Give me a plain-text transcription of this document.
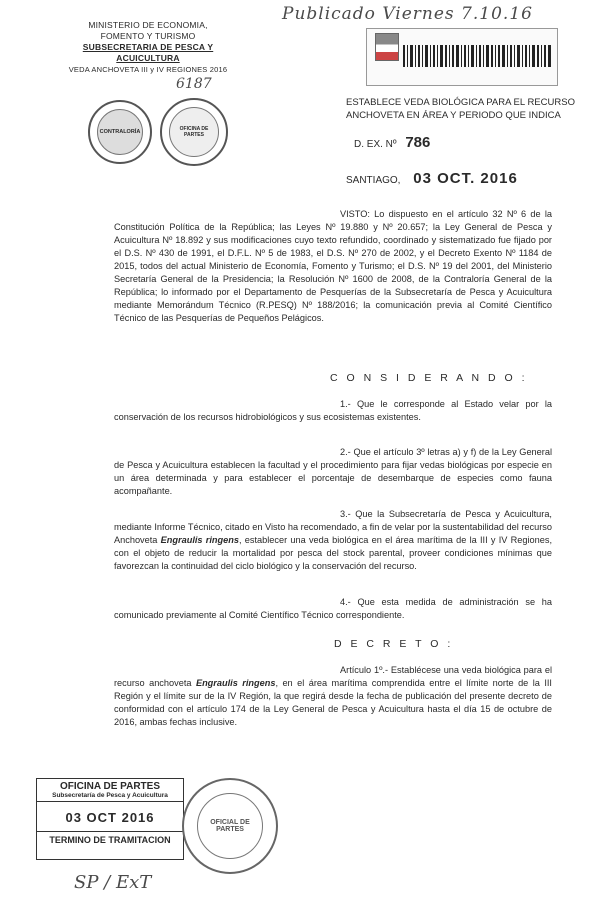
Publicado Viernes 7.10.16
MINISTERIO DE ECONOMIA,
FOMENTO Y TURISMO
SUBSECRETARIA DE PESCA Y ACUICULTURA
VEDA ANCHOVETA III y IV REGIONES 2016
CONTRALORÍA	OFICINA DE PARTES
6187
ESTABLECE VEDA BIOLÓGICA PARA EL RECURSO
ANCHOVETA EN ÁREA Y PERIODO QUE INDICA
D. EX. Nº 786
SANTIAGO, 03 OCT. 2016
VISTO: Lo dispuesto en el artículo 32 Nº 6 de la Constitución Política de la República; las Leyes Nº 19.880 y Nº 20.657; la Ley General de Pesca y Acuicultura Nº 18.892 y sus modificaciones cuyo texto refundido, coordinado y sistematizado fue fijado por el D.S. Nº 430 de 1991, el D.F.L. Nº 5 de 1983, el D.S. Nº 270 de 2002, y el Decreto Exento Nº 1184 de 2015, todos del actual Ministerio de Economía, Fomento y Turismo; el D.S. Nº 19 del 2001, del Ministerio Secretaría General de la Presidencia; la Resolución Nº 1600 de 2008, de la Contraloría General de la República; lo informado por el Departamento de Pesquerías de la Subsecretaría de Pesca y Acuicultura mediante Memorándum Técnico (R.PESQ) Nº 188/2016; la comunicación previa al Comité Científico Técnico de las Pesquerías de Pequeños Pelágicos.
C O N S I D E R A N D O :
1.- Que le corresponde al Estado velar por la conservación de los recursos hidrobiológicos y sus ecosistemas existentes.
2.- Que el artículo 3º letras a) y f) de la Ley General de Pesca y Acuicultura establecen la facultad y el procedimiento para fijar vedas biológicas por especie en un área determinada y para establecer el porcentaje de desembarque de especies como fauna acompañante.
3.- Que la Subsecretaría de Pesca y Acuicultura, mediante Informe Técnico, citado en Visto ha recomendado, a fin de velar por la sustentabilidad del recurso Anchoveta Engraulis ringens, establecer una veda biológica en el área marítima de la III y IV Regiones, con el objeto de reducir la mortalidad por pesca del stock parental, proveer condiciones mínimas que favorezcan la continuidad del ciclo biológico y la conservación del recurso.
4.- Que esta medida de administración se ha comunicado previamente al Comité Científico Técnico correspondiente.
D E C R E T O :
Artículo 1º.- Establécese una veda biológica para el recurso anchoveta Engraulis ringens, en el área marítima comprendida entre el límite norte de la III Región y el límite sur de la IV Región, la que regirá desde la fecha de publicación del presente decreto de conformidad con el artículo 174 de la Ley General de Pesca y Acuicultura hasta el día 15 de octubre de 2016, ambas fechas inclusive.
OFICINA DE PARTES
Subsecretaría de Pesca y Acuicultura
03 OCT 2016
TERMINO DE TRAMITACION
OFICIAL DE PARTES
SP / ExT
